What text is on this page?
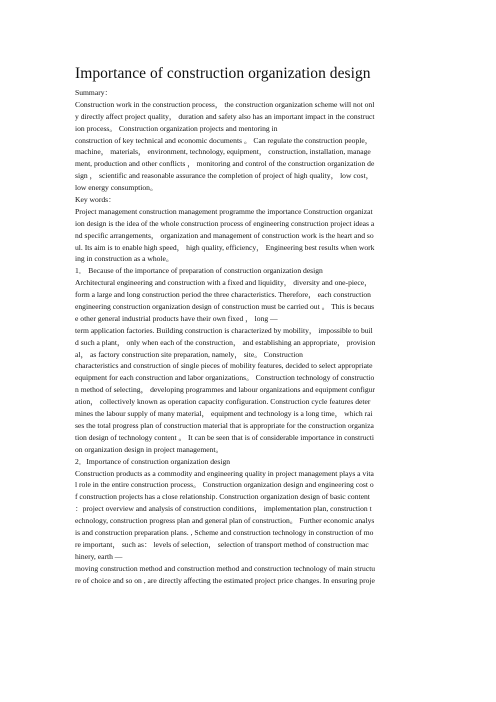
Importance of construction organization design
Summary：
Construction work in the construction process， the construction organization scheme will not onl
y directly affect project quality， duration and safety also has an important impact in the construct
ion process。 Construction organization projects and mentoring in
construction of key technical and economic documents 。 Can regulate the construction people，
machine， materials， environment, technology, equipment， construction, installation, manage
ment, production and other conflicts ， monitoring and control of the construction organization de
sign ， scientific and reasonable assurance the completion of project of high quality， low cost，
low energy consumption。
Key words：
Project management construction management programme the importance Construction organizat
ion design is the idea of the whole construction process of engineering construction project ideas a
nd specific arrangements， organization and management of construction work is the heart and so
ul. Its aim is to enable high speed， high quality, efficiency， Engineering best results when work
ing in construction as a whole。
1． Because of the importance of preparation of construction organization design
Architectural engineering and construction with a fixed and liquidity， diversity and one-piece，
form a large and long construction period the three characteristics. Therefore， each construction
engineering construction organization design of construction must be carried out 。 This is becaus
e other general industrial products have their own fixed ， long —
term application factories. Building construction is characterized by mobility， impossible to buil
d such a plant， only when each of the construction， and establishing an appropriate， provision
al， as factory construction site preparation, namely， site。 Construction
characteristics and construction of single pieces of mobility features, decided to select appropriate
equipment for each construction and labor organizations。 Construction technology of constructio
n method of selecting， developing programmes and labour organizations and equipment configur
ation， collectively known as operation capacity configuration. Construction cycle features deter
mines the labour supply of many material， equipment and technology is a long time， which rai
ses the total progress plan of construction material that is appropriate for the construction organiza
tion design of technology content 。 It can be seen that is of considerable importance in constructi
on organization design in project management。
2．Importance of construction organization design
Construction products as a commodity and engineering quality in project management plays a vita
l role in the entire construction process。 Construction organization design and engineering cost o
f construction projects has a close relationship. Construction organization design of basic content
：project overview and analysis of construction conditions， implementation plan, construction t
echnology, construction progress plan and general plan of construction。 Further economic analys
is and construction preparation plans. , Scheme and construction technology in construction of mo
re important， such as： levels of selection， selection of transport method of construction mac
hinery, earth —
moving construction method and construction method and construction technology of main structu
re of choice and so on , are directly affecting the estimated project price changes. In ensuring proje
